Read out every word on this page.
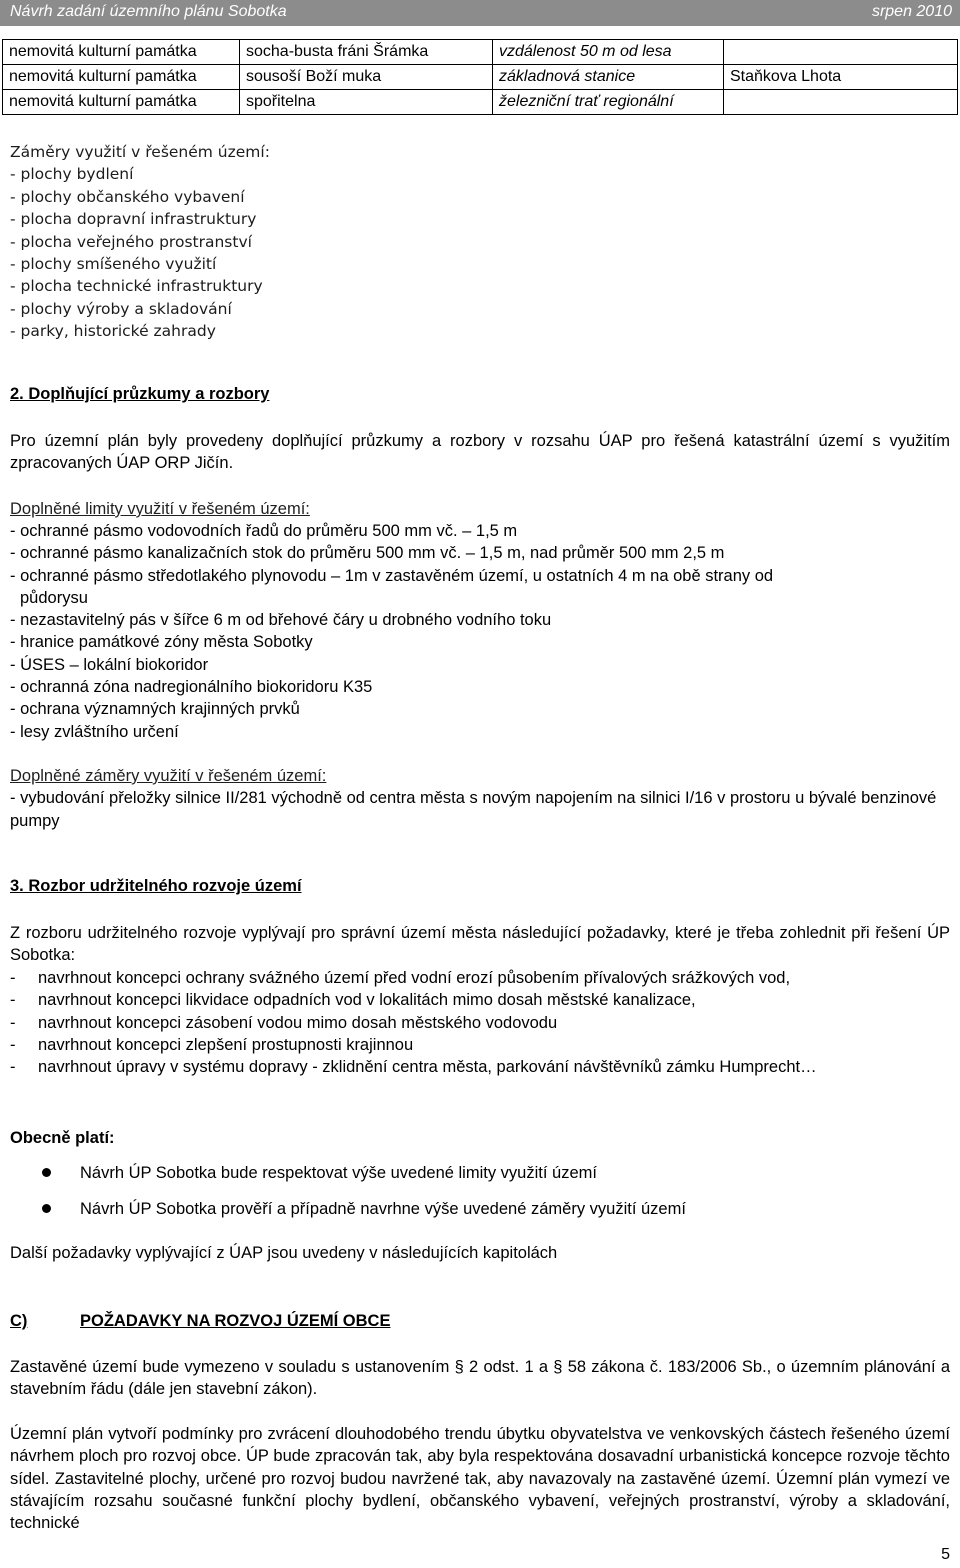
Návrh zadání územního plánu Sobotka	srpen 2010
nemovitá kulturní památka	socha-busta fráni Šrámka	vzdálenost 50 m od lesa	
nemovitá kulturní památka	sousoší Boží muka	základnová stanice	Staňkova Lhota
nemovitá kulturní památka	spořitelna	železniční trať regionální	
Záměry využití v řešeném území:
- plochy bydlení
- plochy občanského vybavení
- plocha dopravní infrastruktury
- plocha veřejného prostranství
- plochy smíšeného využití
- plocha technické infrastruktury
- plochy výroby a skladování
- parky, historické zahrady
2. Doplňující průzkumy a rozbory
Pro územní plán byly provedeny doplňující průzkumy a rozbory v rozsahu ÚAP pro řešená katastrální území s využitím zpracovaných ÚAP ORP Jičín.
Doplněné limity využití v řešeném území:
- ochranné pásmo vodovodních řadů do průměru 500 mm vč. – 1,5 m
- ochranné pásmo kanalizačních stok do průměru 500 mm vč. – 1,5 m, nad průměr 500 mm 2,5 m
- ochranné pásmo středotlakého plynovodu – 1m v zastavěném území, u ostatních 4 m na obě strany od
půdorysu
- nezastavitelný pás v šířce 6 m od břehové čáry u drobného vodního toku
- hranice památkové zóny města Sobotky
- ÚSES – lokální biokoridor
- ochranná zóna nadregionálního biokoridoru K35
- ochrana významných krajinných prvků
- lesy zvláštního určení
Doplněné záměry využití v řešeném území:
- vybudování přeložky silnice II/281 východně od centra města s novým napojením na silnici I/16 v prostoru u bývalé benzinové pumpy
3. Rozbor udržitelného rozvoje území
Z rozboru udržitelného rozvoje vyplývají pro správní území města následující požadavky, které je třeba zohlednit při řešení ÚP Sobotka:
- navrhnout koncepci ochrany svážného území před vodní erozí působením přívalových srážkových vod,
- navrhnout koncepci likvidace odpadních vod v lokalitách mimo dosah městské kanalizace,
- navrhnout koncepci zásobení vodou mimo dosah městského vodovodu
- navrhnout koncepci zlepšení prostupnosti krajinnou
- navrhnout úpravy v systému dopravy - zklidnění centra města, parkování návštěvníků zámku Humprecht…
Obecně platí:
Návrh ÚP Sobotka bude respektovat výše uvedené limity využití území
Návrh ÚP Sobotka prověří a případně navrhne výše uvedené záměry využití území
Další požadavky vyplývající z ÚAP jsou uvedeny v následujících kapitolách
C)	POŽADAVKY NA ROZVOJ ÚZEMÍ OBCE
Zastavěné území bude vymezeno v souladu s ustanovením § 2 odst. 1 a § 58 zákona č. 183/2006 Sb., o územním plánování a stavebním řádu (dále jen stavební zákon).
Územní plán vytvoří podmínky pro zvrácení dlouhodobého trendu úbytku obyvatelstva ve venkovských částech řešeného území návrhem ploch pro rozvoj obce. ÚP bude zpracován tak, aby byla respektována dosavadní urbanistická koncepce rozvoje těchto sídel. Zastavitelné plochy, určené pro rozvoj budou navržené tak, aby navazovaly na zastavěné území. Územní plán vymezí ve stávajícím rozsahu současné funkční plochy bydlení, občanského vybavení, veřejných prostranství, výroby a skladování, technické
5
